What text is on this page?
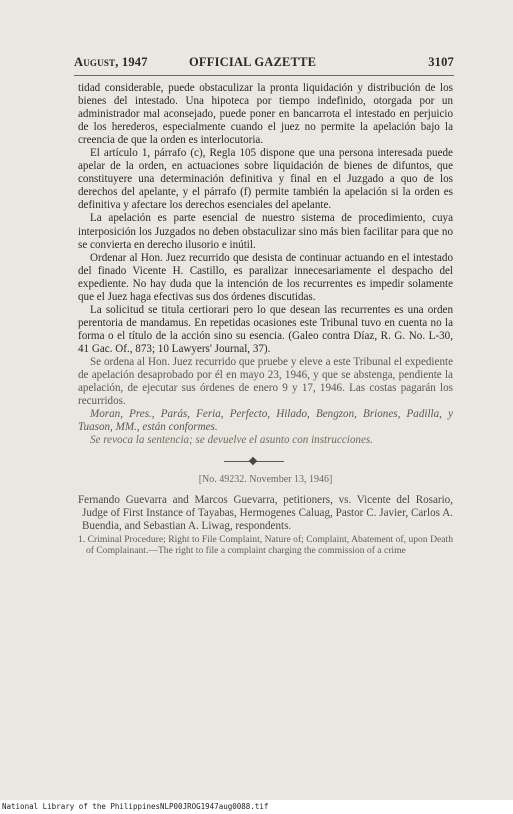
August, 1947	OFFICIAL GAZETTE	3107

tidad considerable, puede obstaculizar la pronta liquidación y distribución de los bienes del intestado. Una hipoteca por tiempo indefinido, otorgada por un administrador mal aconsejado, puede poner en bancarrota el intestado en perjuicio de los herederos, especialmente cuando el juez no permite la apelación bajo la creencia de que la orden es interlocutoria.

El artículo 1, párrafo (c), Regla 105 dispone que una persona interesada puede apelar de la orden, en actuaciones sobre liquidación de bienes de difuntos, que constituyere una determinación definitiva y final en el Juzgado a quo de los derechos del apelante, y el párrafo (f) permite también la apelación si la orden es definitiva y afectare los derechos esenciales del apelante.

La apelación es parte esencial de nuestro sistema de procedimiento, cuya interposición los Juzgados no deben obstaculizar sino más bien facilitar para que no se convierta en derecho ilusorio e inútil.

Ordenar al Hon. Juez recurrido que desista de continuar actuando en el intestado del finado Vicente H. Castillo, es paralizar innecesariamente el despacho del expediente. No hay duda que la intención de los recurrentes es impedir solamente que el Juez haga efectivas sus dos órdenes discutidas.

La solicitud se titula certiorari pero lo que desean las recurrentes es una orden perentoria de mandamus. En repetidas ocasiones este Tribunal tuvo en cuenta no la forma o el título de la acción sino su esencia. (Galeo contra Díaz, R. G. No. L-30, 41 Gac. Of., 873; 10 Lawyers' Journal, 37).

Se ordena al Hon. Juez recurrido que pruebe y eleve a este Tribunal el expediente de apelación desaprobado por él en mayo 23, 1946, y que se abstenga, pendiente la apelación, de ejecutar sus órdenes de enero 9 y 17, 1946. Las costas pagarán los recurridos.

Moran, Pres., Parás, Feria, Perfecto, Hilado, Bengzon, Briones, Padilla, y Tuason, MM., están conformes.

Se revoca la sentencia; se devuelve el asunto con instrucciones.

[No. 49232. November 13, 1946]

Fernando Guevarra and Marcos Guevarra, petitioners, vs. Vicente del Rosario, Judge of First Instance of Tayabas, Hermogenes Caluag, Pastor C. Javier, Carlos A. Buendia, and Sebastian A. Liwag, respondents.

1. Criminal Procedure; Right to File Complaint, Nature of; Complaint, Abatement of, upon Death of Complainant.—The right to file a complaint charging the commission of a crime

National Library of the Philippines NLP00JROG1947aug0088.tif
